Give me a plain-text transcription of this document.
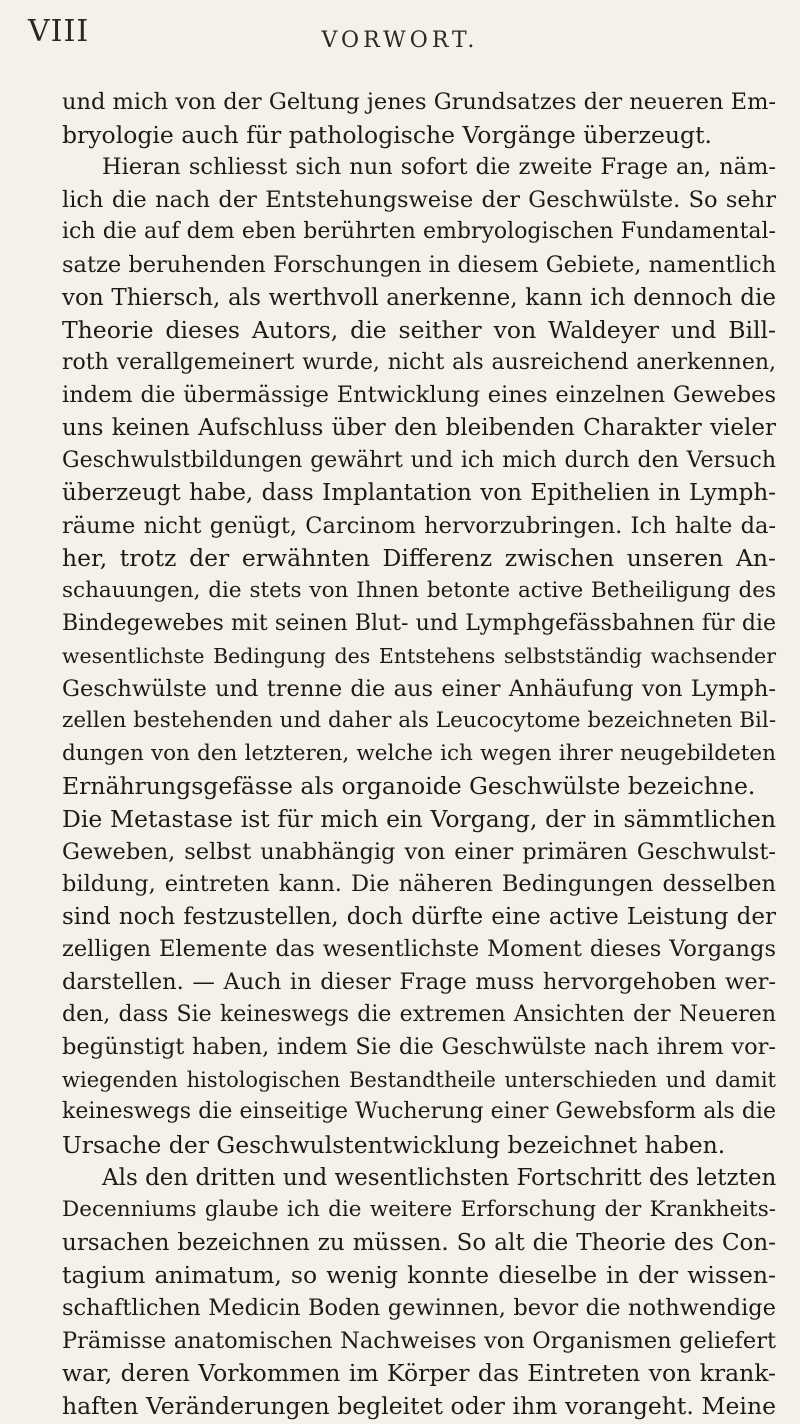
VIII	VORWORT.
und mich von der Geltung jenes Grundsatzes der neueren Em-
bryologie auch für pathologische Vorgänge überzeugt.
Hieran schliesst sich nun sofort die zweite Frage an, näm-
lich die nach der Entstehungsweise der Geschwülste. So sehr
ich die auf dem eben berührten embryologischen Fundamental-
satze beruhenden Forschungen in diesem Gebiete, namentlich
von Thiersch, als werthvoll anerkenne, kann ich dennoch die
Theorie dieses Autors, die seither von Waldeyer und Bill-
roth verallgemeinert wurde, nicht als ausreichend anerkennen,
indem die übermässige Entwicklung eines einzelnen Gewebes
uns keinen Aufschluss über den bleibenden Charakter vieler
Geschwulstbildungen gewährt und ich mich durch den Versuch
überzeugt habe, dass Implantation von Epithelien in Lymph-
räume nicht genügt, Carcinom hervorzubringen. Ich halte da-
her, trotz der erwähnten Differenz zwischen unseren An-
schauungen, die stets von Ihnen betonte active Betheiligung des
Bindegewebes mit seinen Blut- und Lymphgefässbahnen für die
wesentlichste Bedingung des Entstehens selbstständig wachsender
Geschwülste und trenne die aus einer Anhäufung von Lymph-
zellen bestehenden und daher als Leucocytome bezeichneten Bil-
dungen von den letzteren, welche ich wegen ihrer neugebildeten
Ernährungsgefässe als organoide Geschwülste bezeichne.
Die Metastase ist für mich ein Vorgang, der in sämmtlichen
Geweben, selbst unabhängig von einer primären Geschwulst-
bildung, eintreten kann. Die näheren Bedingungen desselben
sind noch festzustellen, doch dürfte eine active Leistung der
zelligen Elemente das wesentlichste Moment dieses Vorgangs
darstellen. — Auch in dieser Frage muss hervorgehoben wer-
den, dass Sie keineswegs die extremen Ansichten der Neueren
begünstigt haben, indem Sie die Geschwülste nach ihrem vor-
wiegenden histologischen Bestandtheile unterschieden und damit
keineswegs die einseitige Wucherung einer Gewebsform als die
Ursache der Geschwulstentwicklung bezeichnet haben.
Als den dritten und wesentlichsten Fortschritt des letzten
Decenniums glaube ich die weitere Erforschung der Krankheits-
ursachen bezeichnen zu müssen. So alt die Theorie des Con-
tagium animatum, so wenig konnte dieselbe in der wissen-
schaftlichen Medicin Boden gewinnen, bevor die nothwendige
Prämisse anatomischen Nachweises von Organismen geliefert
war, deren Vorkommen im Körper das Eintreten von krank-
haften Veränderungen begleitet oder ihm vorangeht. Meine
